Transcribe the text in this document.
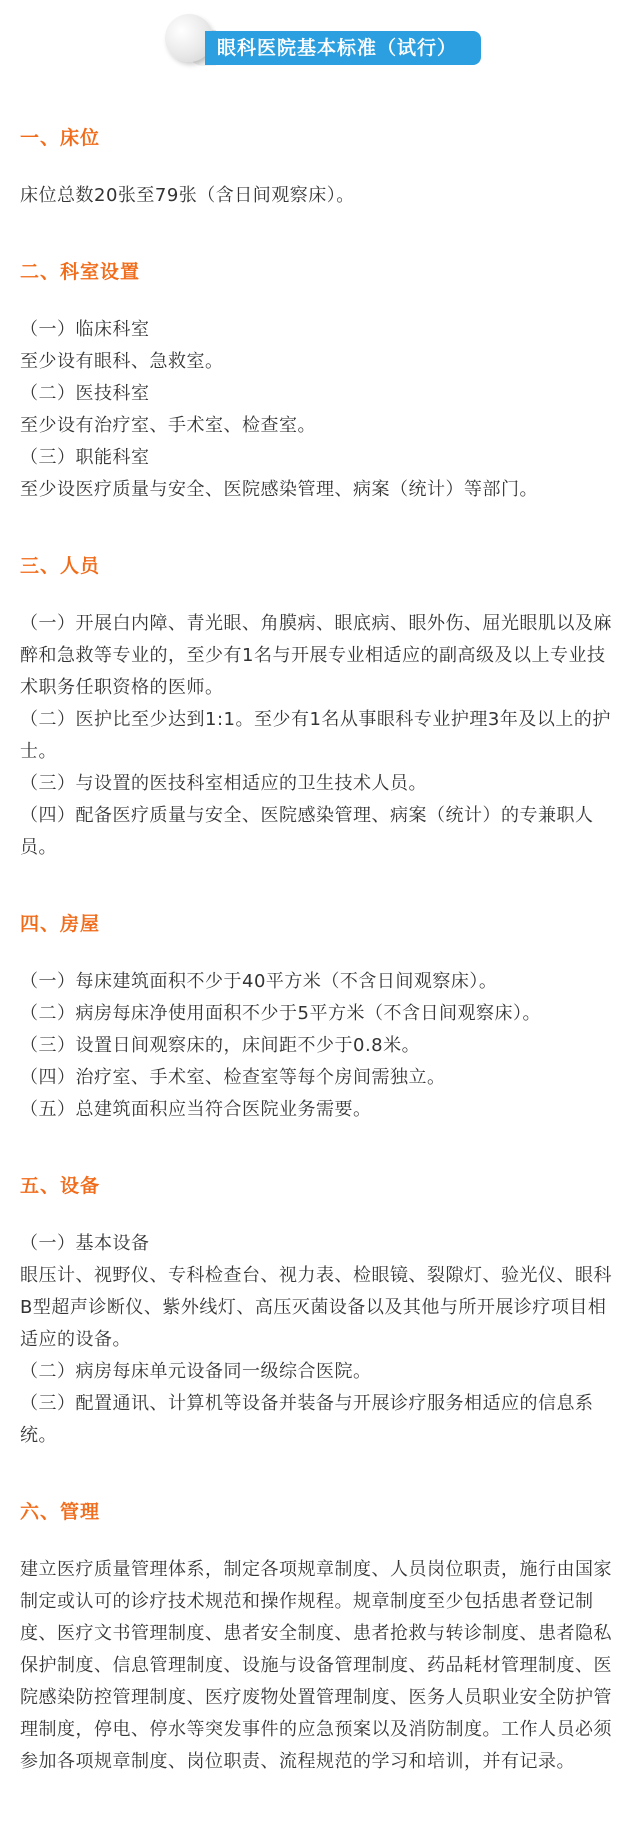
眼科医院基本标准（试行）
一、床位
床位总数20张至79张（含日间观察床）。
二、科室设置
（一）临床科室
至少设有眼科、急救室。
（二）医技科室
至少设有治疗室、手术室、检查室。
（三）职能科室
至少设医疗质量与安全、医院感染管理、病案（统计）等部门。
三、人员
（一）开展白内障、青光眼、角膜病、眼底病、眼外伤、屈光眼肌以及麻醉和急救等专业的，至少有1名与开展专业相适应的副高级及以上专业技术职务任职资格的医师。
（二）医护比至少达到1:1。至少有1名从事眼科专业护理3年及以上的护士。
（三）与设置的医技科室相适应的卫生技术人员。
（四）配备医疗质量与安全、医院感染管理、病案（统计）的专兼职人员。
四、房屋
（一）每床建筑面积不少于40平方米（不含日间观察床）。
（二）病房每床净使用面积不少于5平方米（不含日间观察床）。
（三）设置日间观察床的，床间距不少于0.8米。
（四）治疗室、手术室、检查室等每个房间需独立。
（五）总建筑面积应当符合医院业务需要。
五、设备
（一）基本设备
眼压计、视野仪、专科检查台、视力表、检眼镜、裂隙灯、验光仪、眼科B型超声诊断仪、紫外线灯、高压灭菌设备以及其他与所开展诊疗项目相适应的设备。
（二）病房每床单元设备同一级综合医院。
（三）配置通讯、计算机等设备并装备与开展诊疗服务相适应的信息系统。
六、管理
建立医疗质量管理体系，制定各项规章制度、人员岗位职责，施行由国家制定或认可的诊疗技术规范和操作规程。规章制度至少包括患者登记制度、医疗文书管理制度、患者安全制度、患者抢救与转诊制度、患者隐私保护制度、信息管理制度、设施与设备管理制度、药品耗材管理制度、医院感染防控管理制度、医疗废物处置管理制度、医务人员职业安全防护管理制度，停电、停水等突发事件的应急预案以及消防制度。工作人员必须参加各项规章制度、岗位职责、流程规范的学习和培训，并有记录。
